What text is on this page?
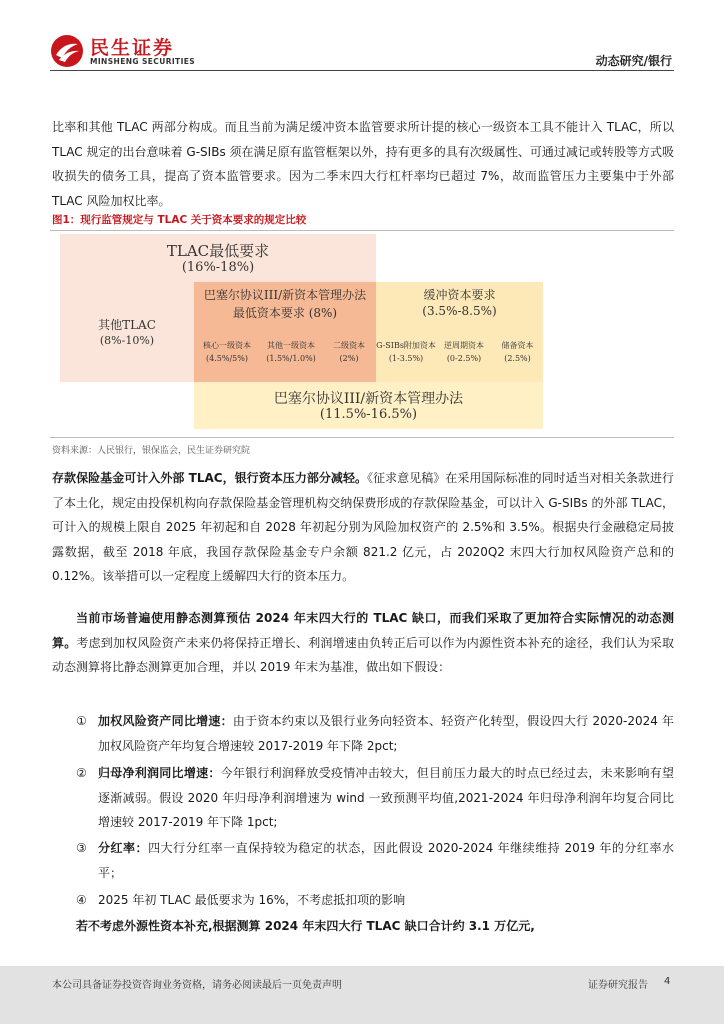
民生证券
MINSHENG SECURITIES	动态研究/银行
比率和其他 TLAC 两部分构成。而且当前为满足缓冲资本监管要求所计提的核心一级资本工具不能计入 TLAC，所以 TLAC 规定的出台意味着 G-SIBs 须在满足原有监管框架以外，持有更多的具有次级属性、可通过减记或转股等方式吸收损失的债务工具，提高了资本监管要求。因为二季末四大行杠杆率均已超过 7%，故而监管压力主要集中于外部 TLAC 风险加权比率。
图1：现行监管规定与 TLAC 关于资本要求的规定比较
TLAC最低要求
(16%-18%)
其他TLAC
(8%-10%)
巴塞尔协议III/新资本管理办法
最低资本要求 (8%)
缓冲资本要求
(3.5%-8.5%)
核心一级资本
(4.5%/5%)
其他一级资本
(1.5%/1.0%)
二级资本
(2%)
G-SIBs附加资本
(1-3.5%)
逆周期资本
(0-2.5%)
储备资本
(2.5%)
巴塞尔协议III/新资本管理办法
(11.5%-16.5%)
资料来源：人民银行，银保监会，民生证券研究院
存款保险基金可计入外部 TLAC，银行资本压力部分减轻。《征求意见稿》在采用国际标准的同时适当对相关条款进行了本土化，规定由投保机构向存款保险基金管理机构交纳保费形成的存款保险基金，可以计入 G-SIBs 的外部 TLAC，可计入的规模上限自 2025 年初起和自 2028 年初起分别为风险加权资产的 2.5%和 3.5%。根据央行金融稳定局披露数据，截至 2018 年底，我国存款保险基金专户余额 821.2 亿元，占 2020Q2 末四大行加权风险资产总和的 0.12%。该举措可以一定程度上缓解四大行的资本压力。
当前市场普遍使用静态测算预估 2024 年末四大行的 TLAC 缺口，而我们采取了更加符合实际情况的动态测算。考虑到加权风险资产未来仍将保持正增长、利润增速由负转正后可以作为内源性资本补充的途径，我们认为采取动态测算将比静态测算更加合理，并以 2019 年末为基准，做出如下假设：
① 加权风险资产同比增速：由于资本约束以及银行业务向轻资本、轻资产化转型，假设四大行 2020-2024 年加权风险资产年均复合增速较 2017-2019 年下降 2pct;
② 归母净利润同比增速：今年银行利润释放受疫情冲击较大，但目前压力最大的时点已经过去，未来影响有望逐渐减弱。假设 2020 年归母净利润增速为 wind 一致预测平均值,2021-2024 年归母净利润年均复合同比增速较 2017-2019 年下降 1pct;
③ 分红率：四大行分红率一直保持较为稳定的状态，因此假设 2020-2024 年继续维持 2019 年的分红率水平；
④ 2025 年初 TLAC 最低要求为 16%，不考虑抵扣项的影响
若不考虑外源性资本补充,根据测算 2024 年末四大行 TLAC 缺口合计约 3.1 万亿元,
本公司具备证券投资咨询业务资格，请务必阅读最后一页免责声明	证券研究报告 4
